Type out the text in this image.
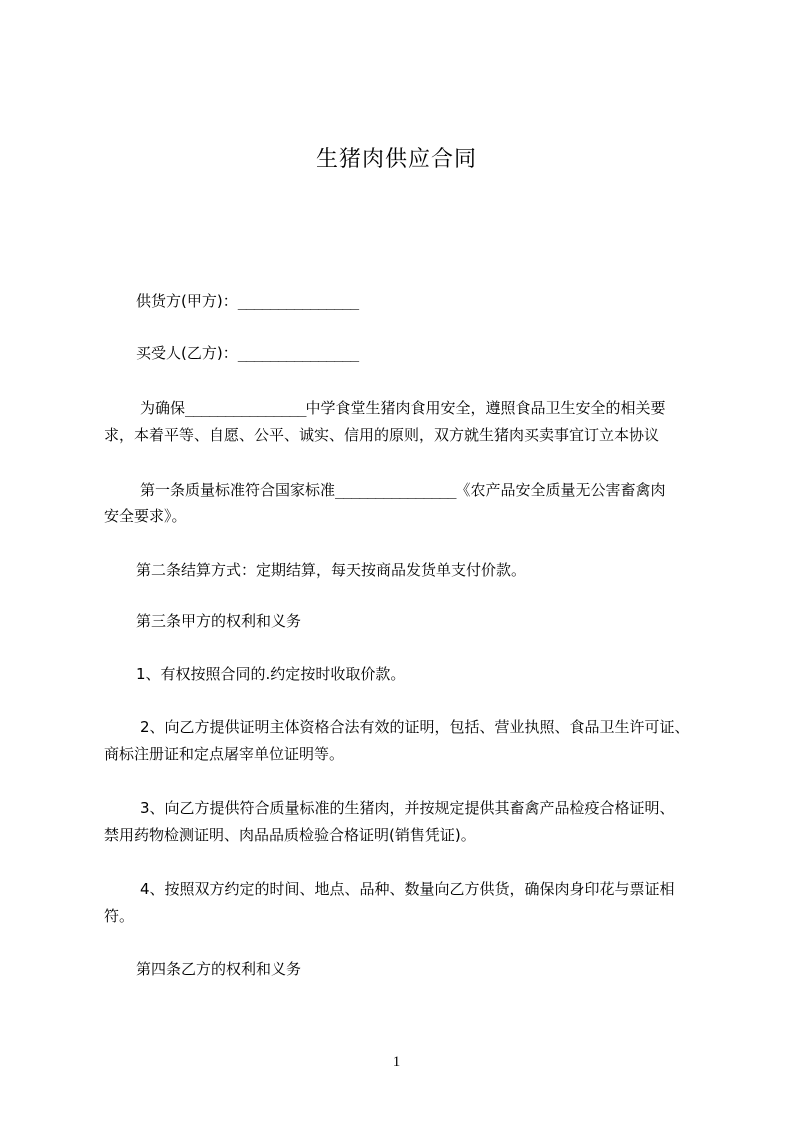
生猪肉供应合同
供货方(甲方)：_______________
买受人(乙方)：_______________
为确保_______________中学食堂生猪肉食用安全，遵照食品卫生安全的相关要
求，本着平等、自愿、公平、诚实、信用的原则，双方就生猪肉买卖事宜订立本协议
第一条质量标准符合国家标准_______________《农产品安全质量无公害畜禽肉
安全要求》。
第二条结算方式：定期结算，每天按商品发货单支付价款。
第三条甲方的权利和义务
1、有权按照合同的.约定按时收取价款。
2、向乙方提供证明主体资格合法有效的证明，包括、营业执照、食品卫生许可证、
商标注册证和定点屠宰单位证明等。
3、向乙方提供符合质量标准的生猪肉，并按规定提供其畜禽产品检疫合格证明、
禁用药物检测证明、肉品品质检验合格证明(销售凭证)。
4、按照双方约定的时间、地点、品种、数量向乙方供货，确保肉身印花与票证相
符。
第四条乙方的权利和义务
1
